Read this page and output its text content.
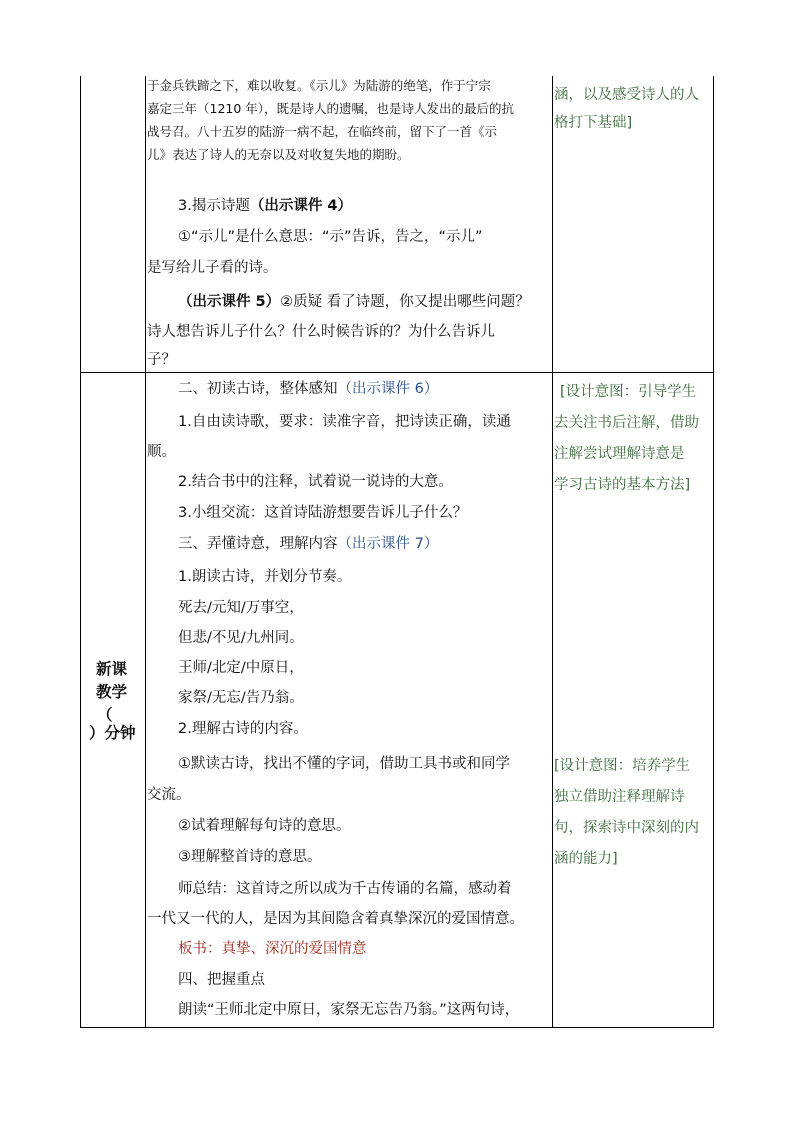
于金兵铁蹄之下，难以收复。《示儿》为陆游的绝笔，作于宁宗
嘉定三年（1210 年），既是诗人的遗嘱，也是诗人发出的最后的抗
战号召。八十五岁的陆游一病不起，在临终前，留下了一首《示
儿》表达了诗人的无奈以及对收复失地的期盼。
3.揭示诗题（出示课件 4）
①“示儿”是什么意思：“示”告诉，告之，“示儿”
是写给儿子看的诗。
（出示课件 5）②质疑 看了诗题，你又提出哪些问题？
诗人想告诉儿子什么？什么时候告诉的？为什么告诉儿
子？
涵，以及感受诗人的人
格打下基础]
新课
教学
（
）分钟
二、初读古诗，整体感知（出示课件 6）
1.自由读诗歌，要求：读准字音，把诗读正确，读通
顺。
2.结合书中的注释，试着说一说诗的大意。
3.小组交流：这首诗陆游想要告诉儿子什么？
三、弄懂诗意，理解内容（出示课件 7）
1.朗读古诗，并划分节奏。
死去/元知/万事空，
但悲/不见/九州同。
王师/北定/中原日，
家祭/无忘/告乃翁。
2.理解古诗的内容。
①默读古诗，找出不懂的字词，借助工具书或和同学
交流。
②试着理解每句诗的意思。
③理解整首诗的意思。
师总结：这首诗之所以成为千古传诵的名篇，感动着
一代又一代的人，是因为其间隐含着真挚深沉的爱国情意。
板书：真挚、深沉的爱国情意
四、把握重点
朗读“王师北定中原日，家祭无忘告乃翁。”这两句诗，
[设计意图：引导学生
去关注书后注解，借助
注解尝试理解诗意是
学习古诗的基本方法]
[设计意图：培养学生
独立借助注释理解诗
句，探索诗中深刻的内
涵的能力]
